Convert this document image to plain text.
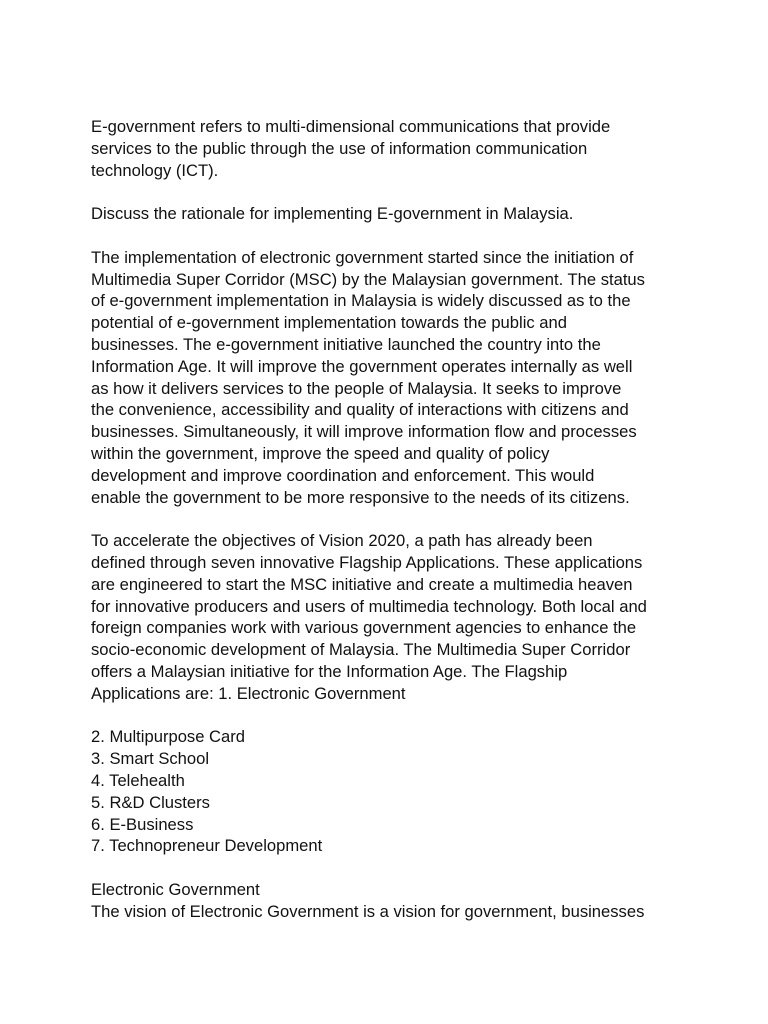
E-government refers to multi-dimensional communications that provide
services to the public through the use of information communication
technology (ICT).

Discuss the rationale for implementing E-government in Malaysia.

The implementation of electronic government started since the initiation of
Multimedia Super Corridor (MSC) by the Malaysian government. The status
of e-government implementation in Malaysia is widely discussed as to the
potential of e-government implementation towards the public and
businesses. The e-government initiative launched the country into the
Information Age. It will improve the government operates internally as well
as how it delivers services to the people of Malaysia. It seeks to improve
the convenience, accessibility and quality of interactions with citizens and
businesses. Simultaneously, it will improve information flow and processes
within the government, improve the speed and quality of policy
development and improve coordination and enforcement. This would
enable the government to be more responsive to the needs of its citizens.

To accelerate the objectives of Vision 2020, a path has already been
defined through seven innovative Flagship Applications. These applications
are engineered to start the MSC initiative and create a multimedia heaven
for innovative producers and users of multimedia technology. Both local and
foreign companies work with various government agencies to enhance the
socio-economic development of Malaysia. The Multimedia Super Corridor
offers a Malaysian initiative for the Information Age. The Flagship
Applications are: 1. Electronic Government

2. Multipurpose Card
3. Smart School
4. Telehealth
5. R&D Clusters
6. E-Business
7. Technopreneur Development

Electronic Government

The vision of Electronic Government is a vision for government, businesses
